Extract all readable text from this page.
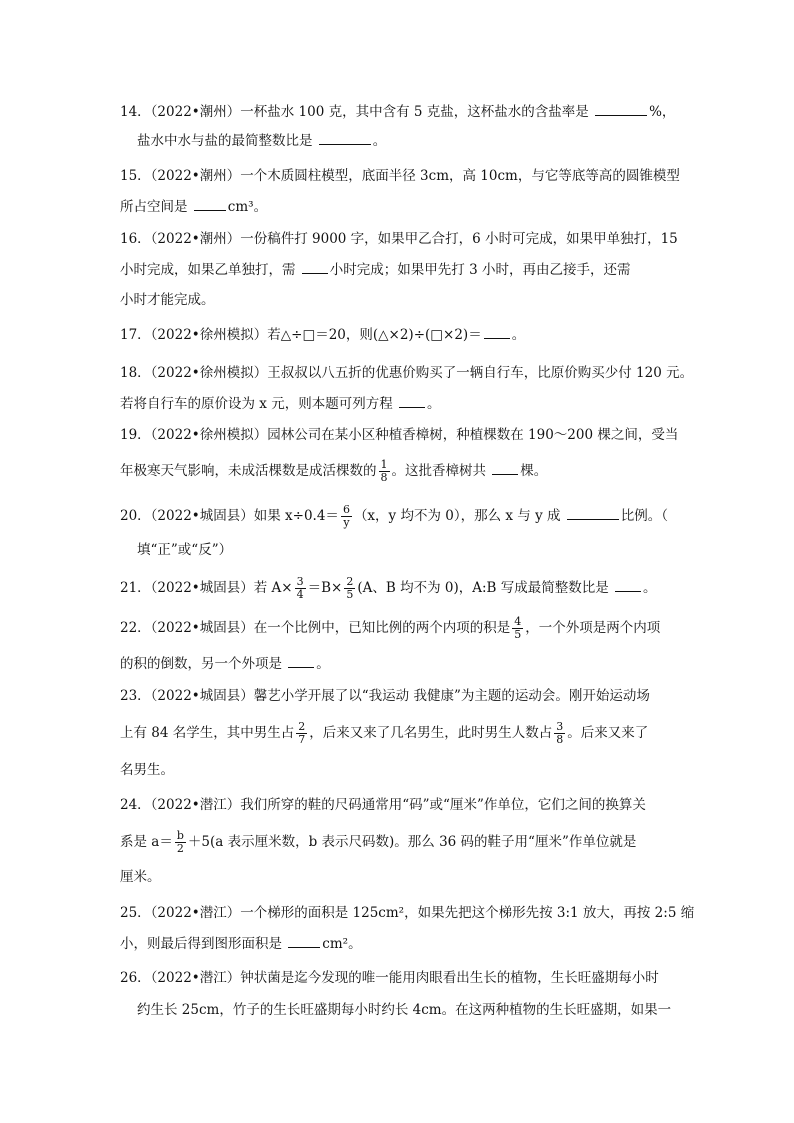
14．（2022•潮州）一杯盐水 100 克，其中含有 5 克盐，这杯盐水的含盐率是	%，
盐水中水与盐的最简整数比是	。
15．（2022•潮州）一个木质圆柱模型，底面半径 3cm，高 10cm，与它等底等高的圆锥模型
所占空间是	cm³。
16．（2022•潮州）一份稿件打 9000 字，如果甲乙合打，6 小时可完成，如果甲单独打，15
小时完成，如果乙单独打，需 小时完成；如果甲先打 3 小时，再由乙接手，还需
小时才能完成。
17．（2022•徐州模拟）若△÷□＝20，则(△×2)÷(□×2)＝ 。
18．（2022•徐州模拟）王叔叔以八五折的优惠价购买了一辆自行车，比原价购买少付 120 元。
若将自行车的原价设为 x 元，则本题可列方程 。
19．（2022•徐州模拟）园林公司在某小区种植香樟树，种植棵数在 190～200 棵之间，受当
年极寒天气影响，未成活棵数是成活棵数的 $\frac{1}{8}$ 。这批香樟树共 棵。
20．（2022•城固县）如果 $x\div 0.4= \frac{6}{y} (x$，y 均不为 0），那么 x 与 y 成	比例。（
填“正”或“反”）
21．（2022•城固县）若 $A\times \frac{3}{4} =B\times \frac{2}{5} (A$、B 均不为 0)，A:B 写成最简整数比是 。
22．（2022•城固县）在一个比例中，已知比例的两个内项的积是 $\frac{4}{5}$ ，一个外项是两个内项
的积的倒数，另一个外项是 。
23．（2022•城固县）馨艺小学开展了以“我运动 我健康”为主题的运动会。刚开始运动场
上有 84 名学生，其中男生占 $\frac{2}{7}$ ，后来又来了几名男生，此时男生人数占 $\frac{3}{8}$ 。后来又来了
名男生。
24．（2022•潜江）我们所穿的鞋的尺码通常用“码”或“厘米”作单位，它们之间的换算关
系是 $a= \frac{b}{2} +5(a$ 表示厘米数，b 表示尺码数)。那么 36 码的鞋子用“厘米”作单位就是
厘米。
25．（2022•潜江）一个梯形的面积是 125cm²，如果先把这个梯形先按 3:1 放大，再按 2:5 缩
小，则最后得到图形面积是	cm²。
26．（2022•潜江）钟状菌是迄今发现的唯一能用肉眼看出生长的植物，生长旺盛期每小时
约生长 25cm，竹子的生长旺盛期每小时约长 4cm。在这两种植物的生长旺盛期，如果一
